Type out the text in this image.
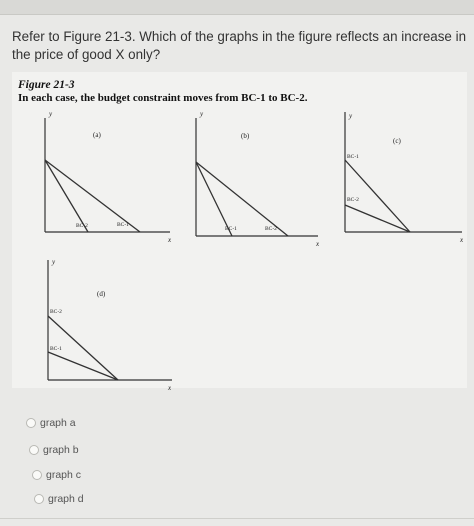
Refer to Figure 21-3. Which of the graphs in the figure reflects an increase in the price of good X only?
Figure 21-3
In each case, the budget constraint moves from BC-1 to BC-2.
y
x
(a)
BC-2	BC-1
y
x
(b)
BC-1	BC-2
y
x
(c)
BC-1
BC-2
y
x
(d)
BC-2
BC-1
graph a
graph b
graph c
graph d
